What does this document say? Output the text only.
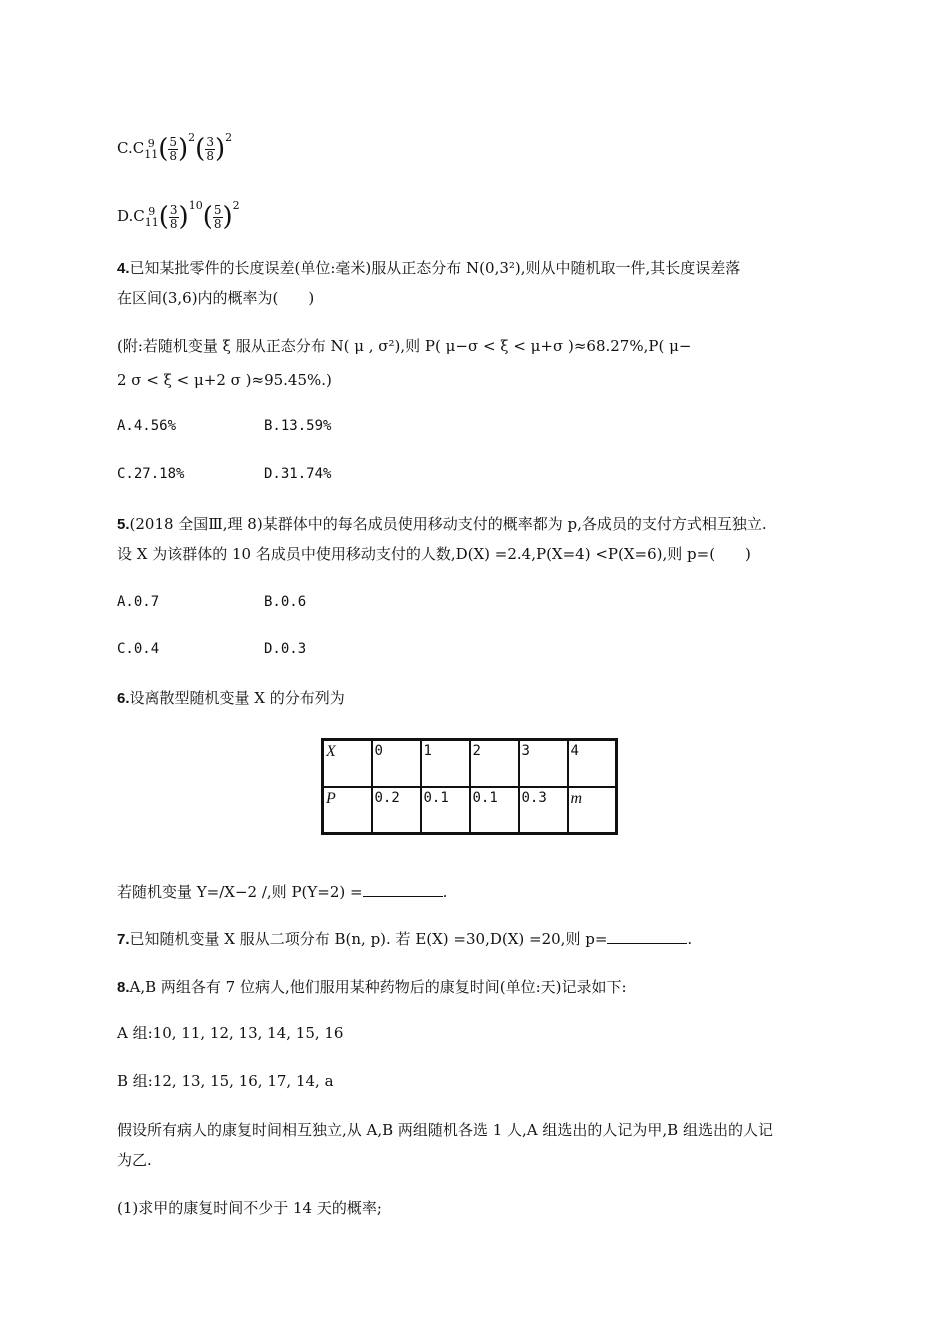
C.C 9
11 ( $\frac{5}{8} )^2( \frac{3}{8} )^2$
D.C 9
11 ( $\frac{3}{8} )^{10}( \frac{5}{8} )^2$
4.已知某批零件的长度误差(单位:毫米)服从正态分布 N(0,3²),则从中随机取一件,其长度误差落
在区间(3,6)内的概率为(　　)
(附:若随机变量 ξ 服从正态分布 N( μ , σ²),则 P( μ−σ < ξ < μ+σ )≈68.27%,P( μ−
2 σ < ξ < μ+2 σ )≈95.45%.)
A.4.56%	B.13.59%
C.27.18%	D.31.74%
5.(2018 全国Ⅲ,理 8)某群体中的每名成员使用移动支付的概率都为 p,各成员的支付方式相互独立.
设 X 为该群体的 10 名成员中使用移动支付的人数,D(X) =2.4,P(X=4) <P(X=6),则 p=(　　)
A.0.7	B.0.6
C.0.4	D.0.3
6.设离散型随机变量 X 的分布列为
X	0	1	2	3	4
P	0.2	0.1	0.1	0.3	m
若随机变量 Y=/X−2 /,则 P(Y=2) =	.
7.已知随机变量 X 服从二项分布 B(n, p). 若 E(X) =30,D(X) =20,则 p=	.
8.A,B 两组各有 7 位病人,他们服用某种药物后的康复时间(单位:天)记录如下:
A 组:10, 11, 12, 13, 14, 15, 16
B 组:12, 13, 15, 16, 17, 14, a
假设所有病人的康复时间相互独立,从 A,B 两组随机各选 1 人,A 组选出的人记为甲,B 组选出的人记
为乙.
(1)求甲的康复时间不少于 14 天的概率;
